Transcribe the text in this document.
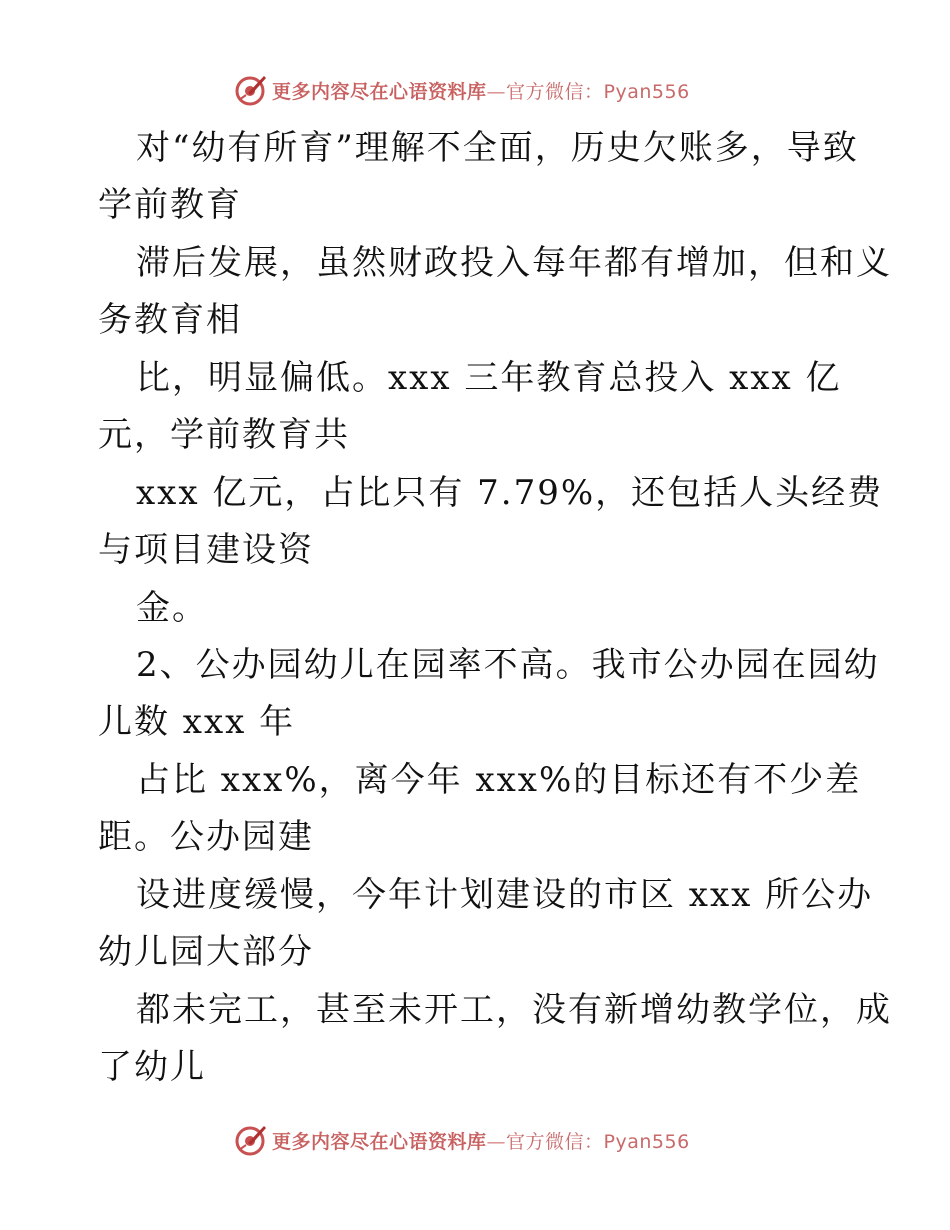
更多内容尽在心语资料库—官方微信：Pyan556
对“幼有所育”理解不全面，历史欠账多，导致
学前教育
滞后发展，虽然财政投入每年都有增加，但和义
务教育相
比，明显偏低。xxx 三年教育总投入 xxx 亿
元，学前教育共
xxx 亿元，占比只有 7.79%，还包括人头经费
与项目建设资
金。
2、公办园幼儿在园率不高。我市公办园在园幼
儿数 xxx 年
占比 xxx%，离今年 xxx%的目标还有不少差
距。公办园建
设进度缓慢，今年计划建设的市区 xxx 所公办
幼儿园大部分
都未完工，甚至未开工，没有新增幼教学位，成
了幼儿
更多内容尽在心语资料库—官方微信：Pyan556
